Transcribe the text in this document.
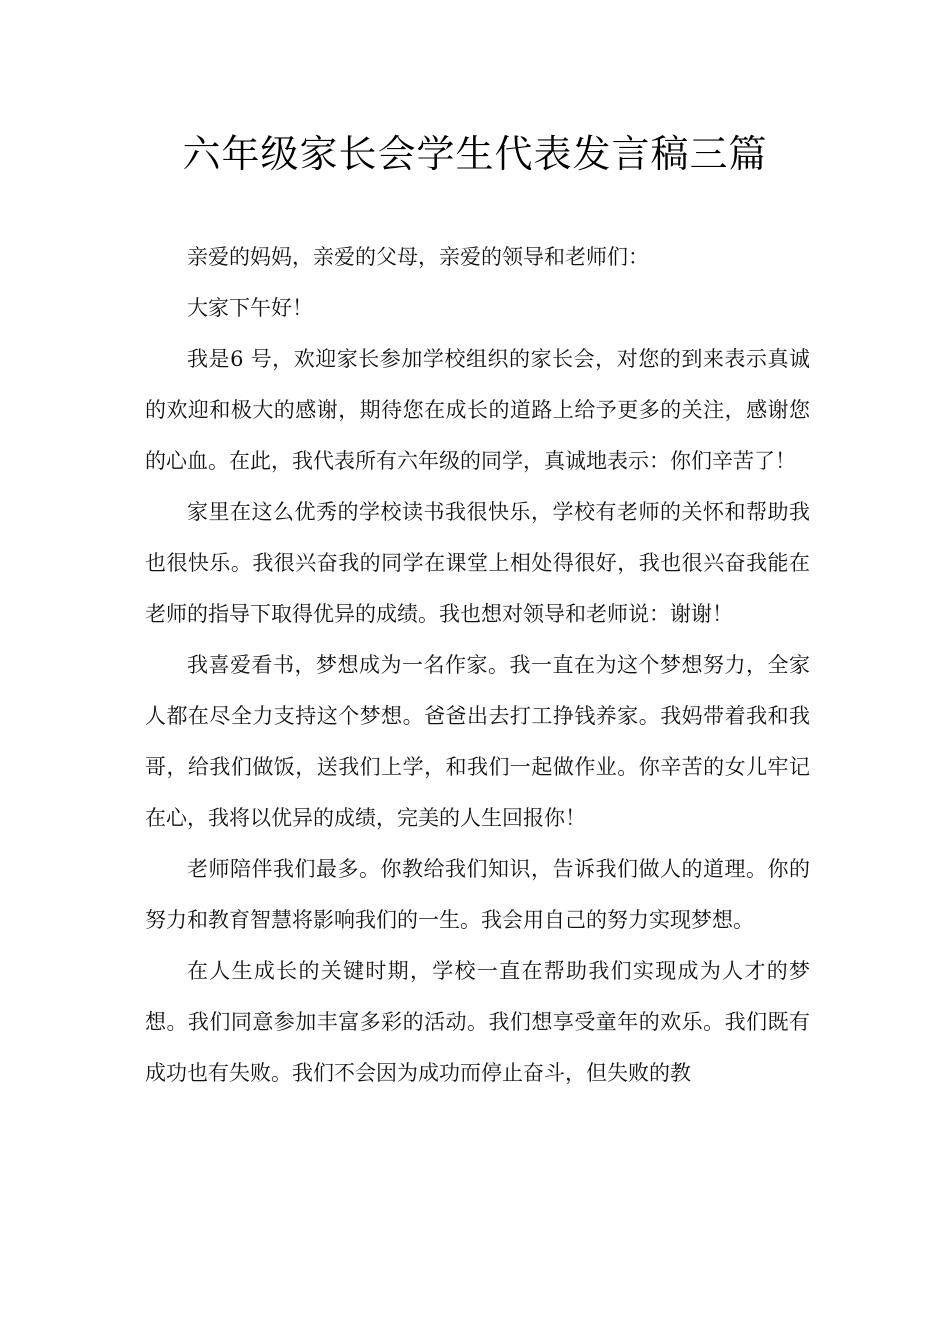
六年级家长会学生代表发言稿三篇

亲爱的妈妈，亲爱的父母，亲爱的领导和老师们：

大家下午好！

我是6 号，欢迎家长参加学校组织的家长会，对您的到来表示真诚的欢迎和极大的感谢，期待您在成长的道路上给予更多的关注，感谢您的心血。在此，我代表所有六年级的同学，真诚地表示：你们辛苦了！

家里在这么优秀的学校读书我很快乐，学校有老师的关怀和帮助我也很快乐。我很兴奋我的同学在课堂上相处得很好，我也很兴奋我能在老师的指导下取得优异的成绩。我也想对领导和老师说：谢谢！

我喜爱看书，梦想成为一名作家。我一直在为这个梦想努力，全家人都在尽全力支持这个梦想。爸爸出去打工挣钱养家。我妈带着我和我哥，给我们做饭，送我们上学，和我们一起做作业。你辛苦的女儿牢记在心，我将以优异的成绩，完美的人生回报你！

老师陪伴我们最多。你教给我们知识，告诉我们做人的道理。你的努力和教育智慧将影响我们的一生。我会用自己的努力实现梦想。

在人生成长的关键时期，学校一直在帮助我们实现成为人才的梦想。我们同意参加丰富多彩的活动。我们想享受童年的欢乐。我们既有成功也有失败。我们不会因为成功而停止奋斗，但失败的教
